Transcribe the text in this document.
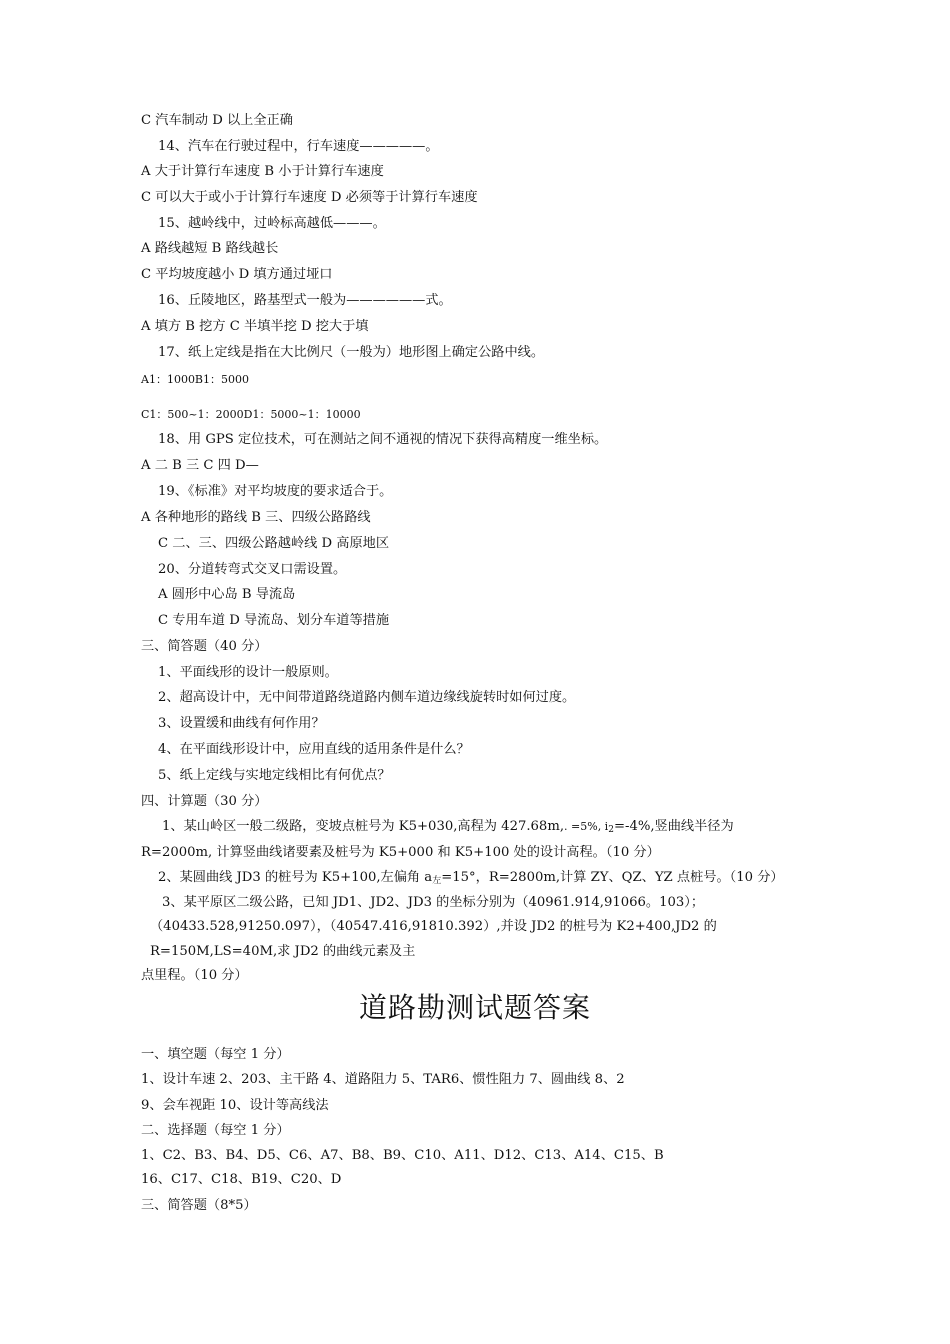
C 汽车制动 D 以上全正确
14、汽车在行驶过程中，行车速度—————。
A 大于计算行车速度 B 小于计算行车速度
C 可以大于或小于计算行车速度 D 必须等于计算行车速度
15、越岭线中，过岭标高越低———。
A 路线越短 B 路线越长
C 平均坡度越小 D 填方通过垭口
16、丘陵地区，路基型式一般为——————式。
A 填方 B 挖方 C 半填半挖 D 挖大于填
17、纸上定线是指在大比例尺（一般为）地形图上确定公路中线。
A1：1000B1：5000
C1：500~1：2000D1：5000~1：10000
18、用 GPS 定位技术，可在测站之间不通视的情况下获得高精度一维坐标。
A 二 B 三 C 四 D—
19、《标准》对平均坡度的要求适合于。
A 各种地形的路线 B 三、四级公路路线
C 二、三、四级公路越岭线 D 高原地区
20、分道转弯式交叉口需设置。
A 圆形中心岛 B 导流岛
C 专用车道 D 导流岛、划分车道等措施
三、简答题（40 分）
1、平面线形的设计一般原则。
2、超高设计中，无中间带道路绕道路内侧车道边缘线旋转时如何过度。
3、设置缓和曲线有何作用？
4、在平面线形设计中，应用直线的适用条件是什么？
5、纸上定线与实地定线相比有何优点？
四、计算题（30 分）
1、某山岭区一般二级路，变坡点桩号为 K5+030,高程为 427.68m,. =5%, $i_2=-4\%$,竖曲线半径为
R=2000m, 计算竖曲线诸要素及桩号为 K5+000 和 K5+100 处的设计高程。（10 分）
2、某圆曲线 JD3 的桩号为 K5+100,左偏角 $a_左=15^\circ$，R=2800m,计算 ZY、QZ、YZ 点桩号。（10 分）
3、某平原区二级公路，已知 JD1、JD2、JD3 的坐标分别为（40961.914,91066。103）；
（40433.528,91250.097），（40547.416,91810.392）,并设 JD2 的桩号为 K2+400,JD2 的
R=150M,LS=40M,求 JD2 的曲线元素及主
点里程。（10 分）
道路勘测试题答案
一、填空题（每空 1 分）
1、设计车速 2、203、主干路 4、道路阻力 5、TAR6、惯性阻力 7、圆曲线 8、2
9、会车视距 10、设计等高线法
二、选择题（每空 1 分）
1、C2、B3、B4、D5、C6、A7、B8、B9、C10、A11、D12、C13、A14、C15、B
16、C17、C18、B19、C20、D
三、简答题（8*5）
